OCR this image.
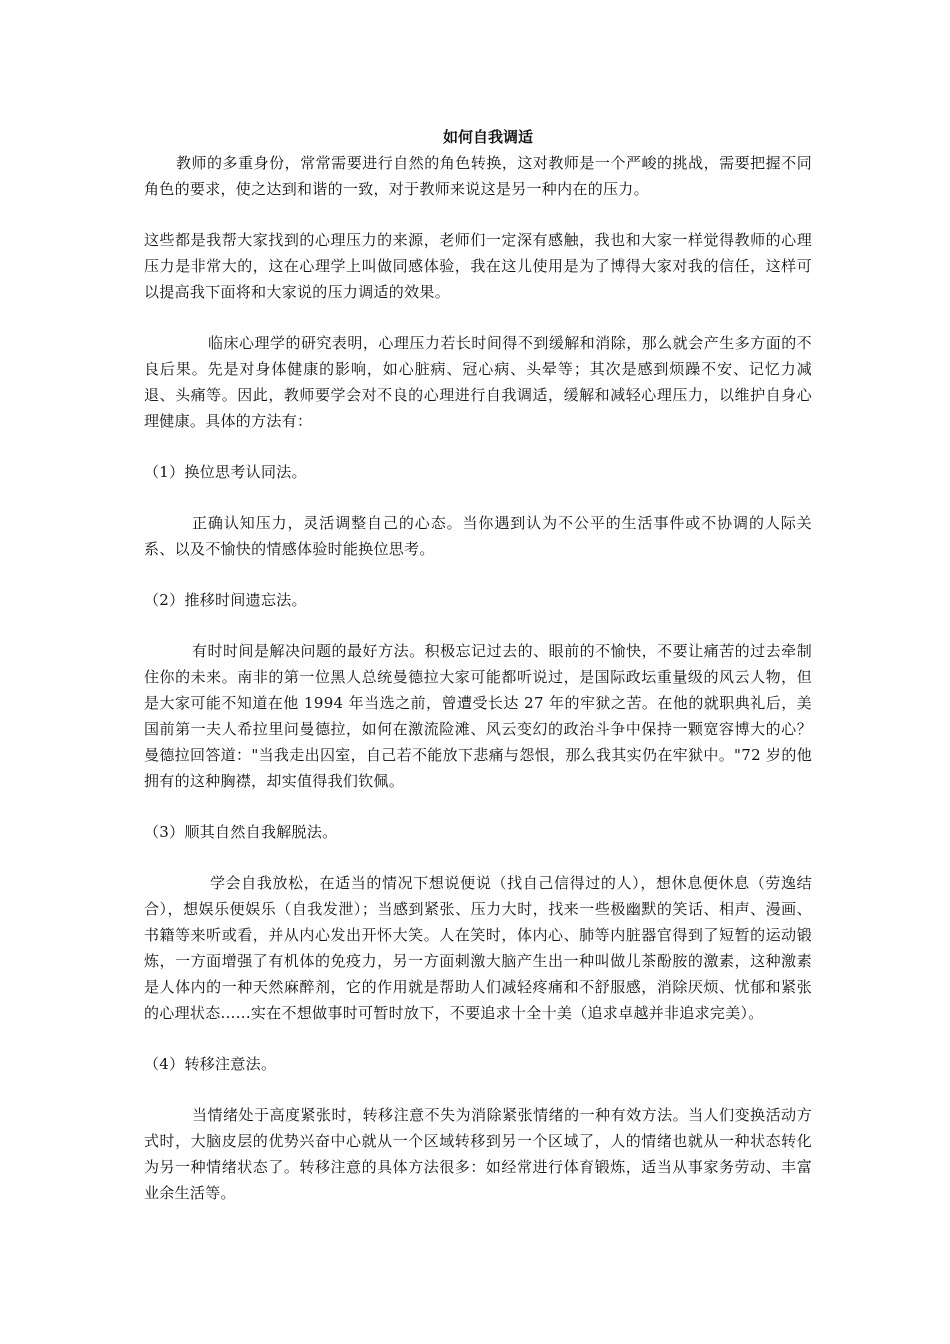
如何自我调适

教师的多重身份，常常需要进行自然的角色转换，这对教师是一个严峻的挑战，需要把握不同角色的要求，使之达到和谐的一致，对于教师来说这是另一种内在的压力。

这些都是我帮大家找到的心理压力的来源，老师们一定深有感触，我也和大家一样觉得教师的心理压力是非常大的，这在心理学上叫做同感体验，我在这儿使用是为了博得大家对我的信任，这样可以提高我下面将和大家说的压力调适的效果。

临床心理学的研究表明，心理压力若长时间得不到缓解和消除，那么就会产生多方面的不良后果。先是对身体健康的影响，如心脏病、冠心病、头晕等；其次是感到烦躁不安、记忆力减退、头痛等。因此，教师要学会对不良的心理进行自我调适，缓解和减轻心理压力，以维护自身心理健康。具体的方法有：

（1）换位思考认同法。

正确认知压力，灵活调整自己的心态。当你遇到认为不公平的生活事件或不协调的人际关系、以及不愉快的情感体验时能换位思考。

（2）推移时间遗忘法。

有时时间是解决问题的最好方法。积极忘记过去的、眼前的不愉快，不要让痛苦的过去牵制住你的未来。南非的第一位黑人总统曼德拉大家可能都听说过，是国际政坛重量级的风云人物，但是大家可能不知道在他 1994 年当选之前，曾遭受长达 27 年的牢狱之苦。在他的就职典礼后，美国前第一夫人希拉里问曼德拉，如何在激流险滩、风云变幻的政治斗争中保持一颗宽容博大的心？曼德拉回答道："当我走出囚室，自己若不能放下悲痛与怨恨，那么我其实仍在牢狱中。"72 岁的他拥有的这种胸襟，却实值得我们钦佩。

（3）顺其自然自我解脱法。

学会自我放松，在适当的情况下想说便说（找自己信得过的人），想休息便休息（劳逸结合），想娱乐便娱乐（自我发泄）；当感到紧张、压力大时，找来一些极幽默的笑话、相声、漫画、书籍等来听或看，并从内心发出开怀大笑。人在笑时，体内心、肺等内脏器官得到了短暂的运动锻炼，一方面增强了有机体的免疫力，另一方面刺激大脑产生出一种叫做儿茶酚胺的激素，这种激素是人体内的一种天然麻醉剂，它的作用就是帮助人们减轻疼痛和不舒服感，消除厌烦、忧郁和紧张的心理状态......实在不想做事时可暂时放下，不要追求十全十美（追求卓越并非追求完美）。

（4）转移注意法。

当情绪处于高度紧张时，转移注意不失为消除紧张情绪的一种有效方法。当人们变换活动方式时，大脑皮层的优势兴奋中心就从一个区域转移到另一个区域了，人的情绪也就从一种状态转化为另一种情绪状态了。转移注意的具体方法很多：如经常进行体育锻炼，适当从事家务劳动、丰富业余生活等。
